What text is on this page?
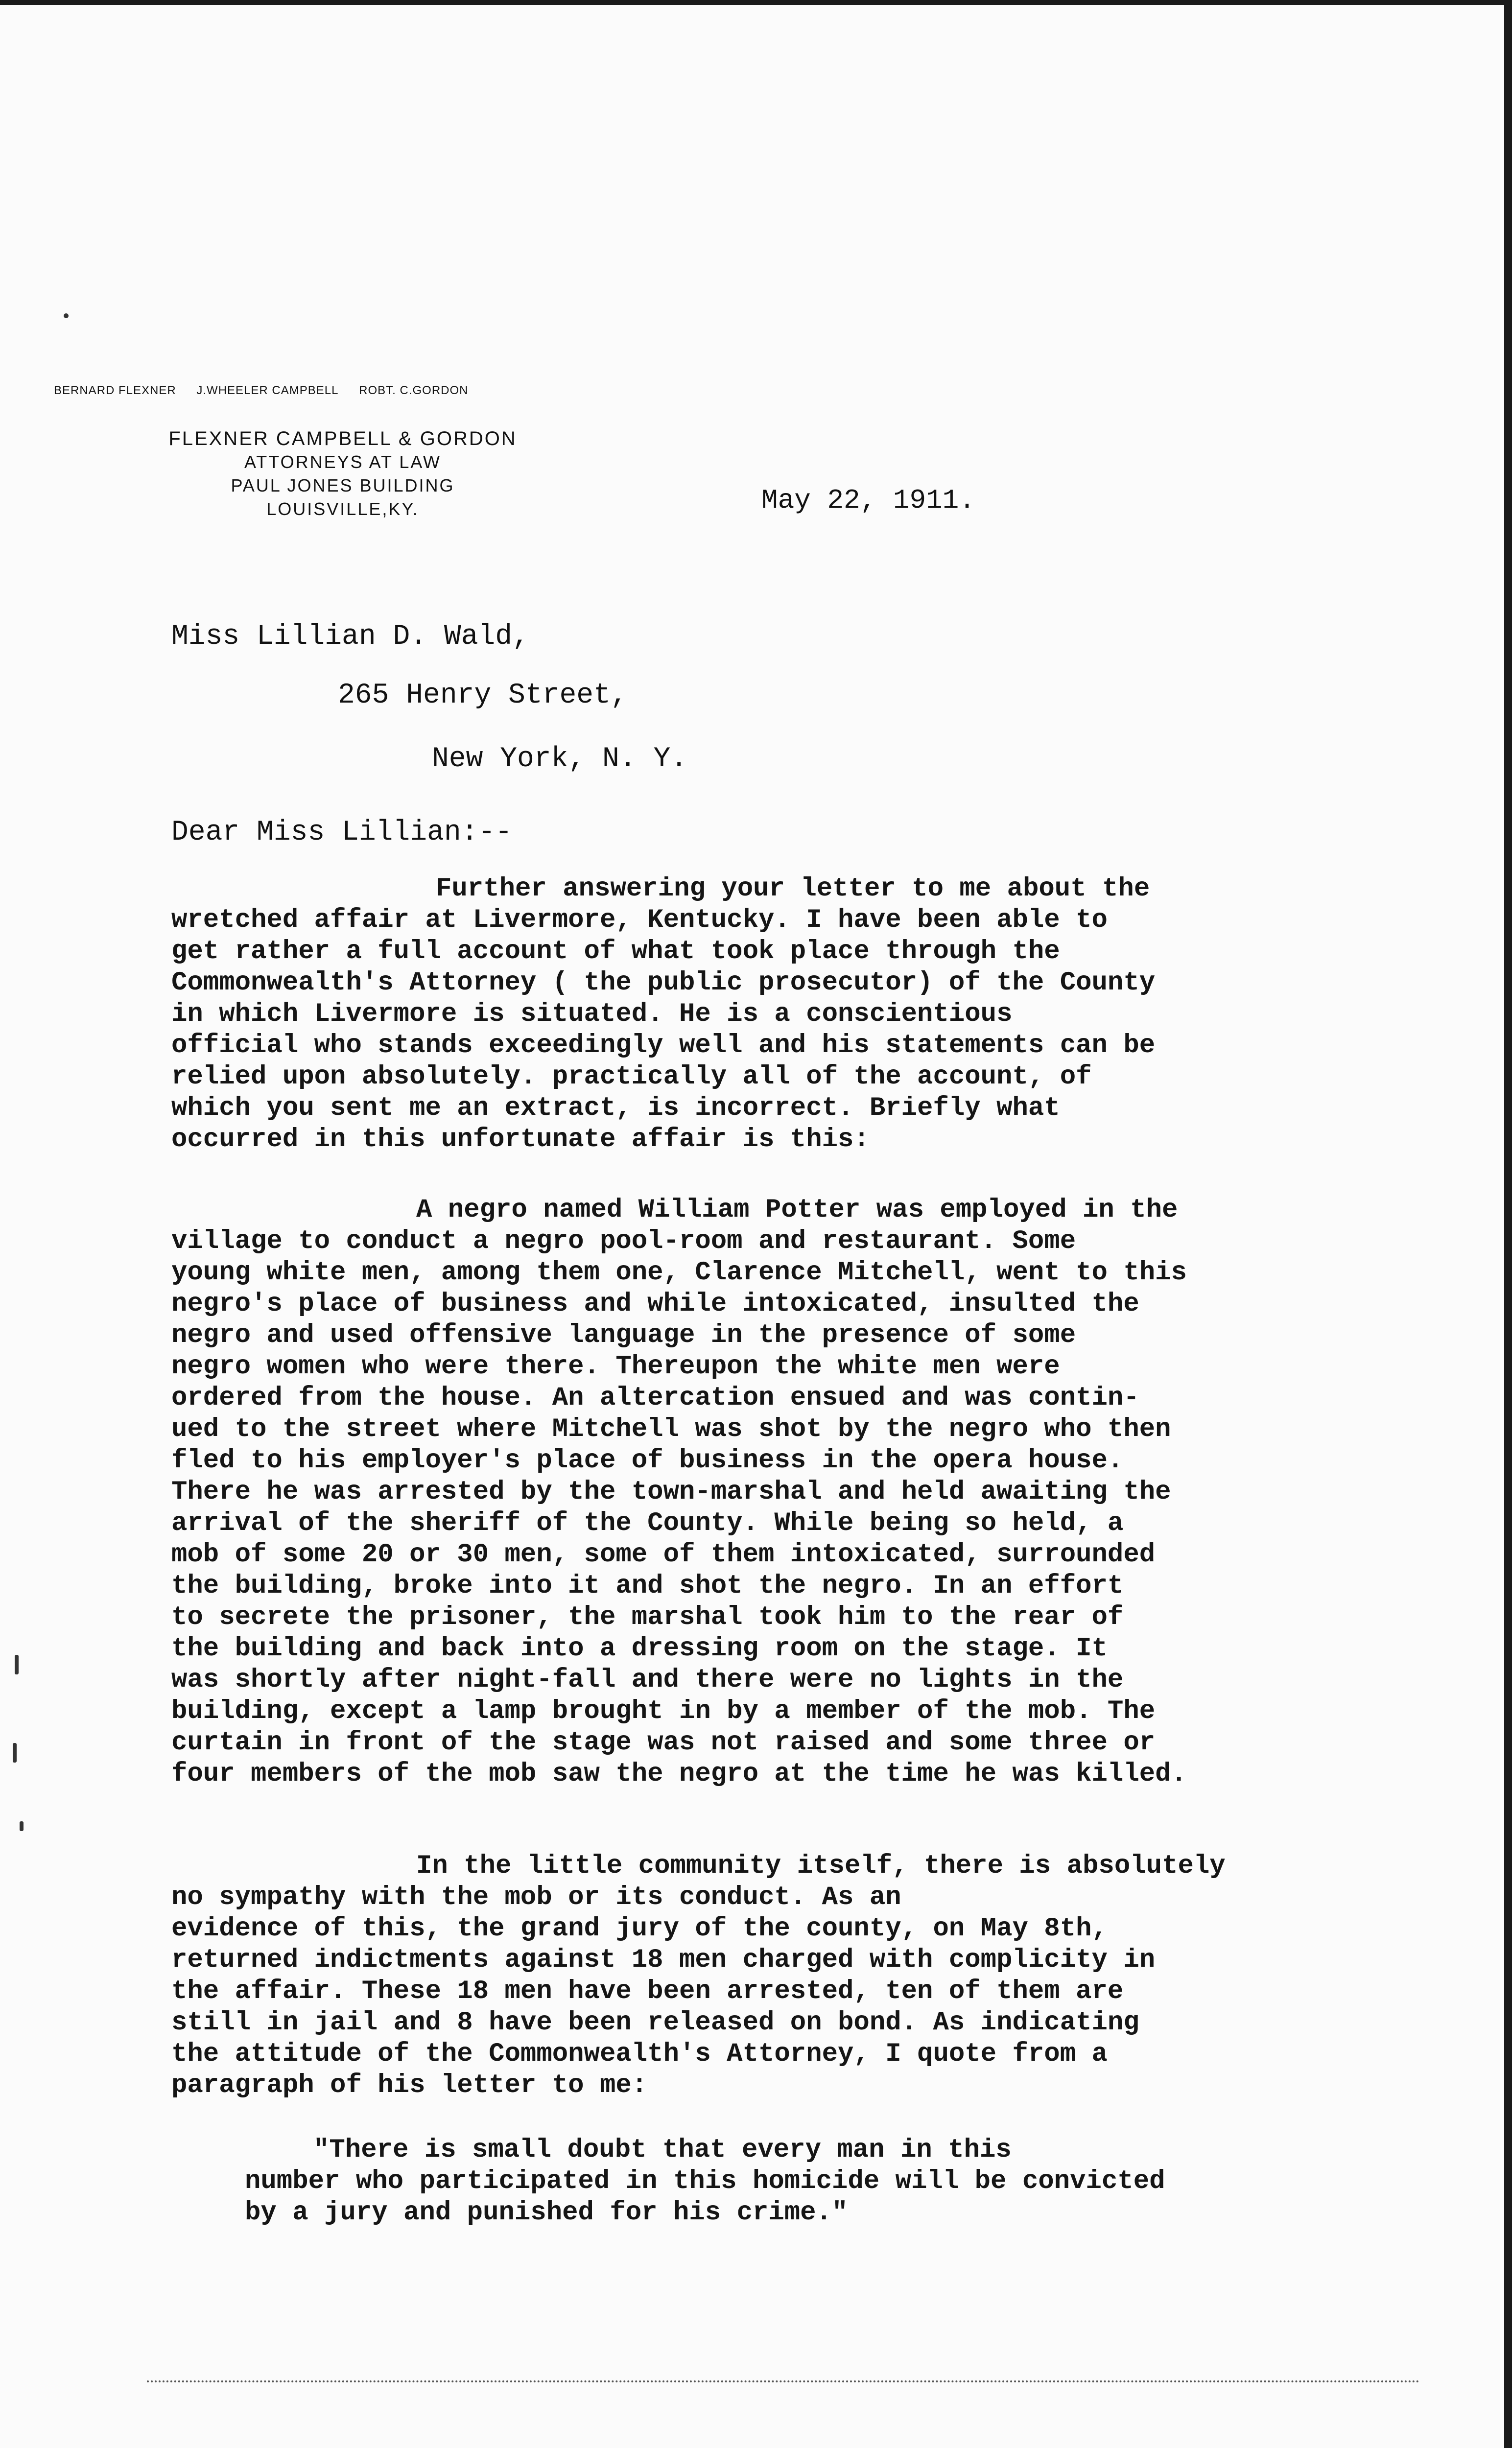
BERNARD FLEXNER J.WHEELER CAMPBELL ROBT. C.GORDON
FLEXNER CAMPBELL & GORDON
ATTORNEYS AT LAW
PAUL JONES BUILDING
LOUISVILLE,KY.	May 22, 1911.
Miss Lillian D. Wald,
265 Henry Street,
New York, N. Y.
Dear Miss Lillian:--
Further answering your letter to me about the
wretched affair at Livermore, Kentucky. I have been able to
get rather a full account of what took place through the
Commonwealth's Attorney ( the public prosecutor) of the County
in which Livermore is situated. He is a conscientious
official who stands exceedingly well and his statements can be
relied upon absolutely. practically all of the account, of
which you sent me an extract, is incorrect. Briefly what
occurred in this unfortunate affair is this:
A negro named William Potter was employed in the
village to conduct a negro pool-room and restaurant. Some
young white men, among them one, Clarence Mitchell, went to this
negro's place of business and while intoxicated, insulted the
negro and used offensive language in the presence of some
negro women who were there. Thereupon the white men were
ordered from the house. An altercation ensued and was contin-
ued to the street where Mitchell was shot by the negro who then
fled to his employer's place of business in the opera house.
There he was arrested by the town-marshal and held awaiting the
arrival of the sheriff of the County. While being so held, a
mob of some 20 or 30 men, some of them intoxicated, surrounded
the building, broke into it and shot the negro. In an effort
to secrete the prisoner, the marshal took him to the rear of
the building and back into a dressing room on the stage. It
was shortly after night-fall and there were no lights in the
building, except a lamp brought in by a member of the mob. The
curtain in front of the stage was not raised and some three or
four members of the mob saw the negro at the time he was killed.
In the little community itself, there is absolutely
no sympathy with the mob or its conduct. As an
evidence of this, the grand jury of the county, on May 8th,
returned indictments against 18 men charged with complicity in
the affair. These 18 men have been arrested, ten of them are
still in jail and 8 have been released on bond. As indicating
the attitude of the Commonwealth's Attorney, I quote from a
paragraph of his letter to me:
"There is small doubt that every man in this
number who participated in this homicide will be convicted
by a jury and punished for his crime."
